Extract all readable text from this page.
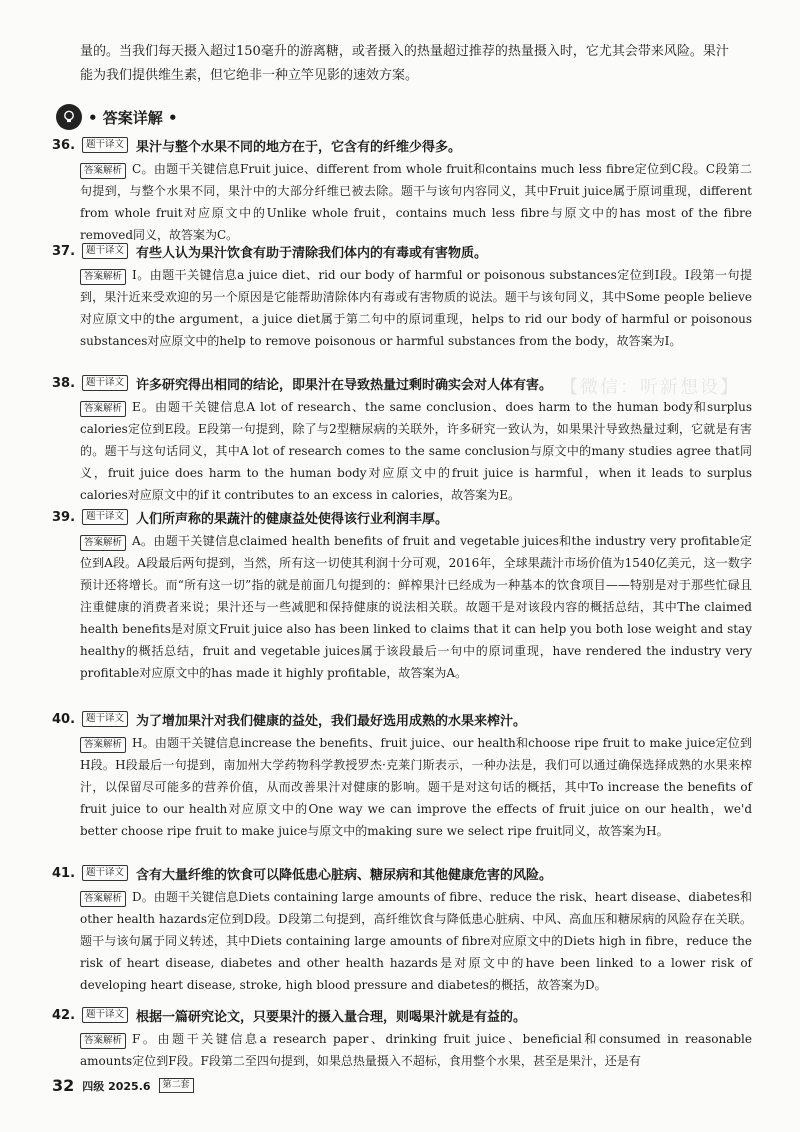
量的。当我们每天摄入超过150毫升的游离糖，或者摄入的热量超过推荐的热量摄入时，它尤其会带来风险。果汁能为我们提供维生素，但它绝非一种立竿见影的速效方案。

• 答案详解 •
36.	题干译文 果汁与整个水果不同的地方在于，它含有的纤维少得多。

答案解析 C。由题干关键信息Fruit juice、different from whole fruit和contains much less fibre定位到C段。C段第二句提到，与整个水果不同，果汁中的大部分纤维已被去除。题干与该句内容同义，其中Fruit juice属于原词重现，different from whole fruit对应原文中的Unlike whole fruit，contains much less fibre与原文中的has most of the fibre removed同义，故答案为C。

37.	题干译文 有些人认为果汁饮食有助于清除我们体内的有毒或有害物质。

答案解析 I。由题干关键信息a juice diet、rid our body of harmful or poisonous substances定位到I段。I段第一句提到，果汁近来受欢迎的另一个原因是它能帮助清除体内有毒或有害物质的说法。题干与该句同义，其中Some people believe对应原文中的the argument，a juice diet属于第二句中的原词重现，helps to rid our body of harmful or poisonous substances对应原文中的help to remove poisonous or harmful substances from the body，故答案为I。

38.	题干译文 许多研究得出相同的结论，即果汁在导致热量过剩时确实会对人体有害。

答案解析 E。由题干关键信息A lot of research、the same conclusion、does harm to the human body和surplus calories定位到E段。E段第一句提到，除了与2型糖尿病的关联外，许多研究一致认为，如果果汁导致热量过剩，它就是有害的。题干与这句话同义，其中A lot of research comes to the same conclusion与原文中的many studies agree that同义，fruit juice does harm to the human body对应原文中的fruit juice is harmful，when it leads to surplus calories对应原文中的if it contributes to an excess in calories，故答案为E。

39.	题干译文 人们所声称的果蔬汁的健康益处使得该行业利润丰厚。

答案解析 A。由题干关键信息claimed health benefits of fruit and vegetable juices和the industry very profitable定位到A段。A段最后两句提到，当然，所有这一切使其利润十分可观，2016年，全球果蔬汁市场价值为1540亿美元，这一数字预计还将增长。而“所有这一切”指的就是前面几句提到的：鲜榨果汁已经成为一种基本的饮食项目——特别是对于那些忙碌且注重健康的消费者来说；果汁还与一些减肥和保持健康的说法相关联。故题干是对该段内容的概括总结，其中The claimed health benefits是对原文Fruit juice also has been linked to claims that it can help you both lose weight and stay healthy的概括总结，fruit and vegetable juices属于该段最后一句中的原词重现，have rendered the industry very profitable对应原文中的has made it highly profitable，故答案为A。

40.	题干译文 为了增加果汁对我们健康的益处，我们最好选用成熟的水果来榨汁。

答案解析 H。由题干关键信息increase the benefits、fruit juice、our health和choose ripe fruit to make juice定位到H段。H段最后一句提到，南加州大学药物科学教授罗杰·克莱门斯表示，一种办法是，我们可以通过确保选择成熟的水果来榨汁，以保留尽可能多的营养价值，从而改善果汁对健康的影响。题干是对这句话的概括，其中To increase the benefits of fruit juice to our health对应原文中的One way we can improve the effects of fruit juice on our health，we'd better choose ripe fruit to make juice与原文中的making sure we select ripe fruit同义，故答案为H。

41.	题干译文 含有大量纤维的饮食可以降低患心脏病、糖尿病和其他健康危害的风险。

答案解析 D。由题干关键信息Diets containing large amounts of fibre、reduce the risk、heart disease、diabetes和other health hazards定位到D段。D段第二句提到，高纤维饮食与降低患心脏病、中风、高血压和糖尿病的风险存在关联。题干与该句属于同义转述，其中Diets containing large amounts of fibre对应原文中的Diets high in fibre，reduce the risk of heart disease, diabetes and other health hazards是对原文中的have been linked to a lower risk of developing heart disease, stroke, high blood pressure and diabetes的概括，故答案为D。

42.	题干译文 根据一篇研究论文，只要果汁的摄入量合理，则喝果汁就是有益的。

答案解析 F。由题干关键信息a research paper、drinking fruit juice、beneficial和consumed in reasonable amounts定位到F段。F段第二至四句提到，如果总热量摄入不超标，食用整个水果，甚至是果汁，还是有

【微信：听新想设】
32 四级 2025.6	第二套
